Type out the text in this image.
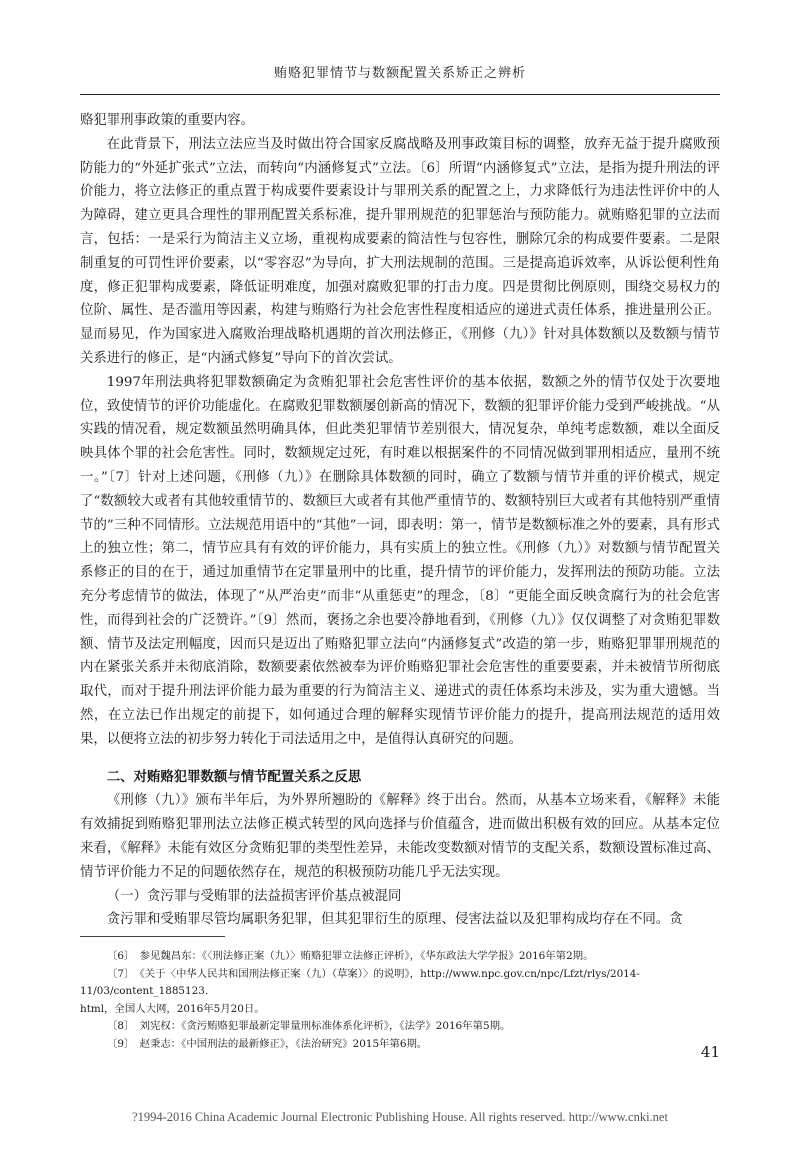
贿赂犯罪情节与数额配置关系矫正之辨析

赂犯罪刑事政策的重要内容。

在此背景下，刑法立法应当及时做出符合国家反腐战略及刑事政策目标的调整，放弃无益于提升腐败预防能力的“外延扩张式”立法，而转向“内涵修复式”立法。〔6〕所谓“内涵修复式”立法，是指为提升刑法的评价能力，将立法修正的重点置于构成要件要素设计与罪刑关系的配置之上，力求降低行为违法性评价中的人为障碍，建立更具合理性的罪刑配置关系标准，提升罪刑规范的犯罪惩治与预防能力。就贿赂犯罪的立法而言，包括：一是采行为简洁主义立场，重视构成要素的简洁性与包容性，删除冗余的构成要件要素。二是限制重复的可罚性评价要素，以“零容忍”为导向，扩大刑法规制的范围。三是提高追诉效率，从诉讼便利性角度，修正犯罪构成要素，降低证明难度，加强对腐败犯罪的打击力度。四是贯彻比例原则，围绕交易权力的位阶、属性、是否滥用等因素，构建与贿赂行为社会危害性程度相适应的递进式责任体系，推进量刑公正。显而易见，作为国家进入腐败治理战略机遇期的首次刑法修正，《刑修（九）》针对具体数额以及数额与情节关系进行的修正，是“内涵式修复”导向下的首次尝试。

1997年刑法典将犯罪数额确定为贪贿犯罪社会危害性评价的基本依据，数额之外的情节仅处于次要地位，致使情节的评价功能虚化。在腐败犯罪数额屡创新高的情况下，数额的犯罪评价能力受到严峻挑战。“从实践的情况看，规定数额虽然明确具体，但此类犯罪情节差别很大，情况复杂，单纯考虑数额，难以全面反映具体个罪的社会危害性。同时，数额规定过死，有时难以根据案件的不同情况做到罪刑相适应，量刑不统一。”〔7〕针对上述问题，《刑修（九）》在删除具体数额的同时，确立了数额与情节并重的评价模式，规定了“数额较大或者有其他较重情节的、数额巨大或者有其他严重情节的、数额特别巨大或者有其他特别严重情节的”三种不同情形。立法规范用语中的“其他”一词，即表明：第一，情节是数额标准之外的要素，具有形式上的独立性；第二，情节应具有有效的评价能力，具有实质上的独立性。《刑修（九）》对数额与情节配置关系修正的目的在于，通过加重情节在定罪量刑中的比重，提升情节的评价能力，发挥刑法的预防功能。立法充分考虑情节的做法，体现了“从严治吏”而非“从重惩吏”的理念，〔8〕“更能全面反映贪腐行为的社会危害性，而得到社会的广泛赞许。”〔9〕然而，褒扬之余也要冷静地看到，《刑修（九）》仅仅调整了对贪贿犯罪数额、情节及法定刑幅度，因而只是迈出了贿赂犯罪立法向“内涵修复式”改造的第一步，贿赂犯罪罪刑规范的内在紧张关系并未彻底消除，数额要素依然被奉为评价贿赂犯罪社会危害性的重要要素，并未被情节所彻底取代，而对于提升刑法评价能力最为重要的行为简洁主义、递进式的责任体系均未涉及，实为重大遗憾。当然，在立法已作出规定的前提下，如何通过合理的解释实现情节评价能力的提升，提高刑法规范的适用效果，以便将立法的初步努力转化于司法适用之中，是值得认真研究的问题。

二、对贿赂犯罪数额与情节配置关系之反思

《刑修（九）》颁布半年后，为外界所翘盼的《解释》终于出台。然而，从基本立场来看，《解释》未能有效捕捉到贿赂犯罪刑法立法修正模式转型的风向选择与价值蕴含，进而做出积极有效的回应。从基本定位来看，《解释》未能有效区分贪贿犯罪的类型性差异，未能改变数额对情节的支配关系，数额设置标准过高、情节评价能力不足的问题依然存在，规范的积极预防功能几乎无法实现。

（一）贪污罪与受贿罪的法益损害评价基点被混同

贪污罪和受贿罪尽管均属职务犯罪，但其犯罪衍生的原理、侵害法益以及犯罪构成均存在不同。贪

〔6〕　参见魏昌东：《〈刑法修正案（九）〉贿赂犯罪立法修正评析》，《华东政法大学学报》2016年第2期。

〔7〕　《关于〈中华人民共和国刑法修正案（九）（草案）〉的说明》，http://www.npc.gov.cn/npc/Lfzt/rlys/2014-11/03/content_1885123.

html，全国人大网，2016年5月20日。

〔8〕　刘宪权：《贪污贿赂犯罪最新定罪量刑标准体系化评析》，《法学》2016年第5期。

〔9〕　赵秉志：《中国刑法的最新修正》，《法治研究》2015年第6期。	41
?1994-2016 China Academic Journal Electronic Publishing House. All rights reserved. http://www.cnki.net
